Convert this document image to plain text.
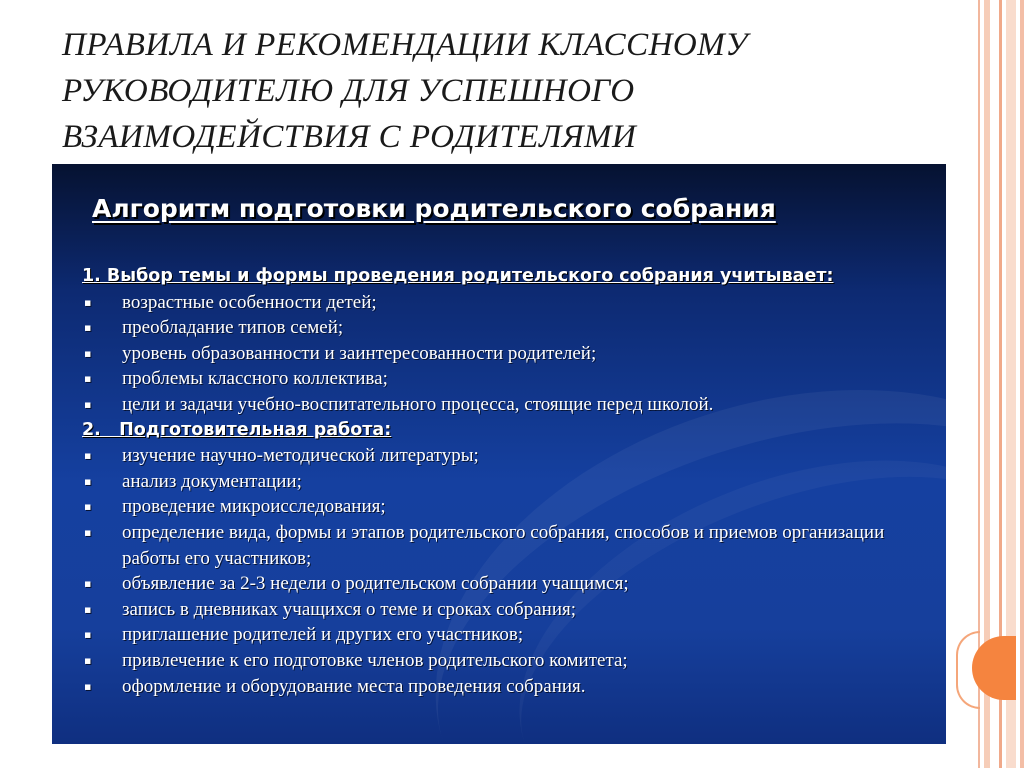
ПРАВИЛА И РЕКОМЕНДАЦИИ КЛАССНОМУ РУКОВОДИТЕЛЮ ДЛЯ УСПЕШНОГО ВЗАИМОДЕЙСТВИЯ С РОДИТЕЛЯМИ
Алгоритм подготовки родительского собрания
1. Выбор темы и формы проведения родительского собрания учитывает:
▪ возрастные особенности детей;
▪ преобладание типов семей;
▪ уровень образованности и заинтересованности родителей;
▪ проблемы классного коллектива;
▪ цели и задачи учебно-воспитательного процесса, стоящие перед школой.
2.   Подготовительная работа:
▪ изучение научно-методической литературы;
▪ анализ документации;
▪ проведение микроисследования;
▪ определение вида, формы и этапов родительского собрания, способов и приемов организации работы его участников;
▪ объявление за 2-3 недели о родительском собрании учащимся;
▪ запись в дневниках учащихся о теме и сроках собрания;
▪ приглашение родителей и других его участников;
▪ привлечение к его подготовке членов родительского комитета;
▪ оформление и оборудование места проведения собрания.
